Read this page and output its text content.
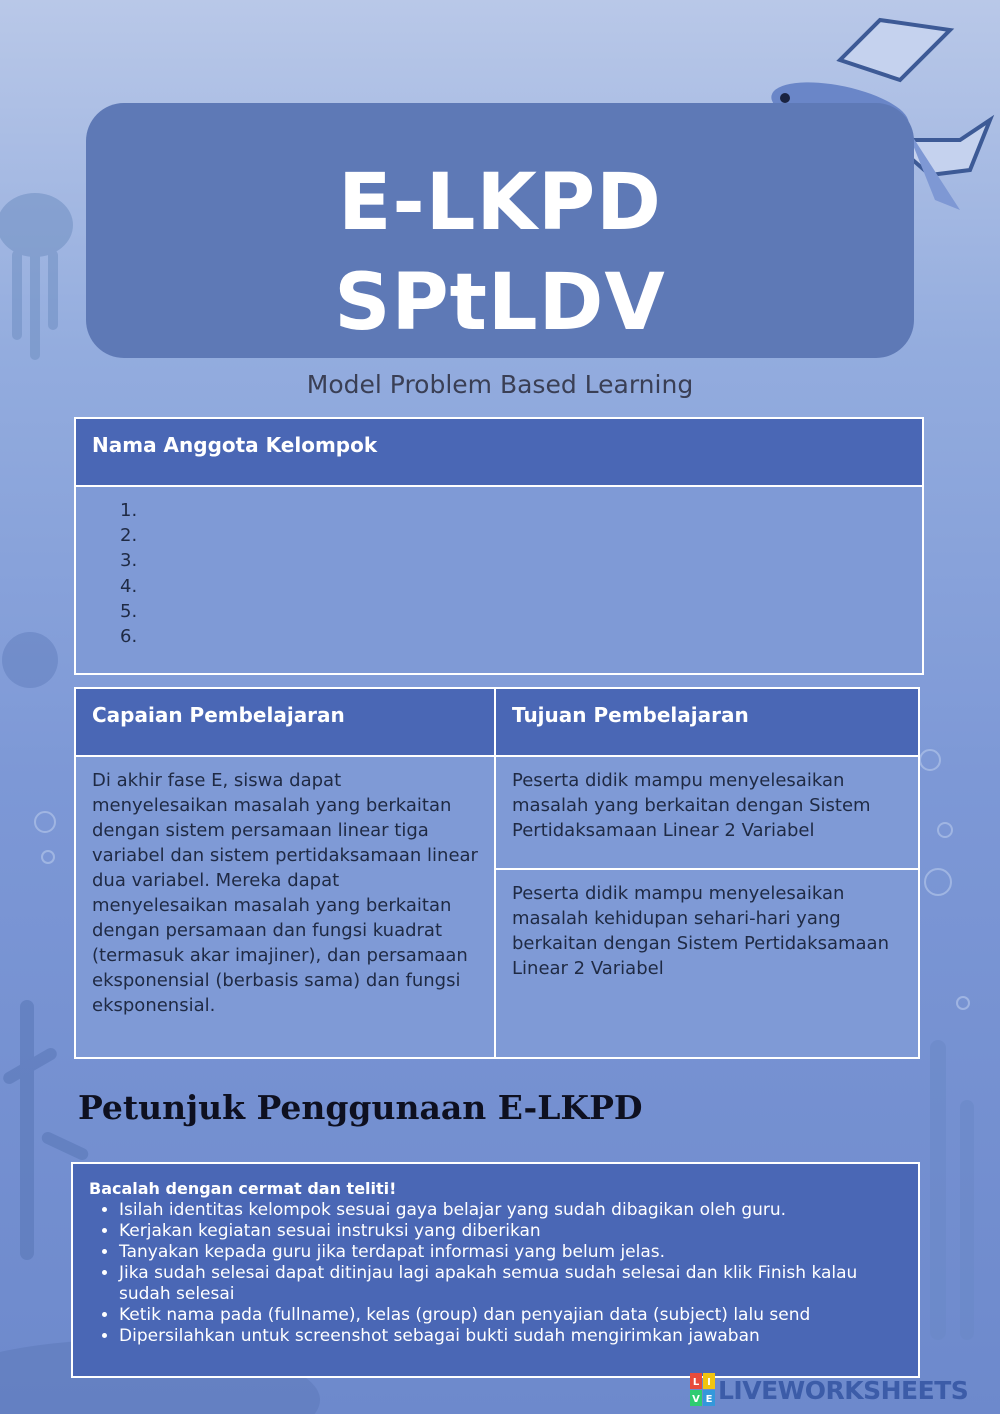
E-LKPD
SPtLDV
Model Problem Based Learning
Nama Anggota Kelompok
1.
2.
3.
4.
5.
6.
Capaian Pembelajaran	Tujuan Pembelajaran
Di akhir fase E, siswa dapat menyelesaikan masalah yang berkaitan dengan sistem persamaan linear tiga variabel dan sistem pertidaksamaan linear dua variabel. Mereka dapat menyelesaikan masalah yang berkaitan dengan persamaan dan fungsi kuadrat (termasuk akar imajiner), dan persamaan eksponensial (berbasis sama) dan fungsi eksponensial.
Peserta didik mampu menyelesaikan masalah yang berkaitan dengan Sistem Pertidaksamaan Linear 2 Variabel
Peserta didik mampu menyelesaikan masalah kehidupan sehari-hari yang berkaitan dengan Sistem Pertidaksamaan Linear 2 Variabel
Petunjuk Penggunaan E-LKPD
Bacalah dengan cermat dan teliti!
• Isilah identitas kelompok sesuai gaya belajar yang sudah dibagikan oleh guru.
• Kerjakan kegiatan sesuai instruksi yang diberikan
• Tanyakan kepada guru jika terdapat informasi yang belum jelas.
• Jika sudah selesai dapat ditinjau lagi apakah semua sudah selesai dan klik Finish kalau sudah selesai
• Ketik nama pada (fullname), kelas (group) dan penyajian data (subject) lalu send
• Dipersilahkan untuk screenshot sebagai bukti sudah mengirimkan jawaban
L I
V E LIVEWORKSHEETS
